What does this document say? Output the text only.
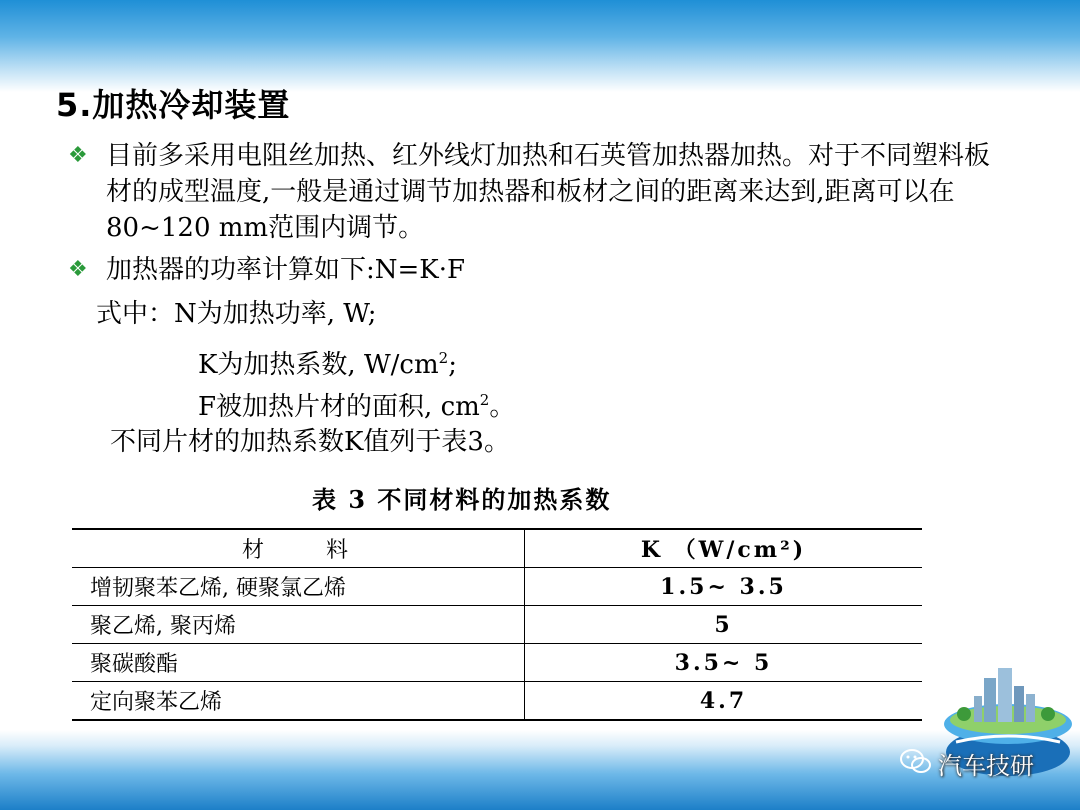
5.加热冷却装置
❖ 目前多采用电阻丝加热、红外线灯加热和石英管加热器加热。对于不同塑料板材的成型温度,一般是通过调节加热器和板材之间的距离来达到,距离可以在80~120 mm范围内调节。
❖ 加热器的功率计算如下:N=K·F
式中：N为加热功率, W;
K为加热系数, $W/cm^2$;
F被加热片材的面积, $cm^2$。
不同片材的加热系数K值列于表3。
表 3 不同材料的加热系数
材　　料	K （W/cm²)
增韧聚苯乙烯, 硬聚氯乙烯	1.5~ 3.5
聚乙烯, 聚丙烯	5
聚碳酸酯	3.5~ 5
定向聚苯乙烯	4.7
汽车技研
